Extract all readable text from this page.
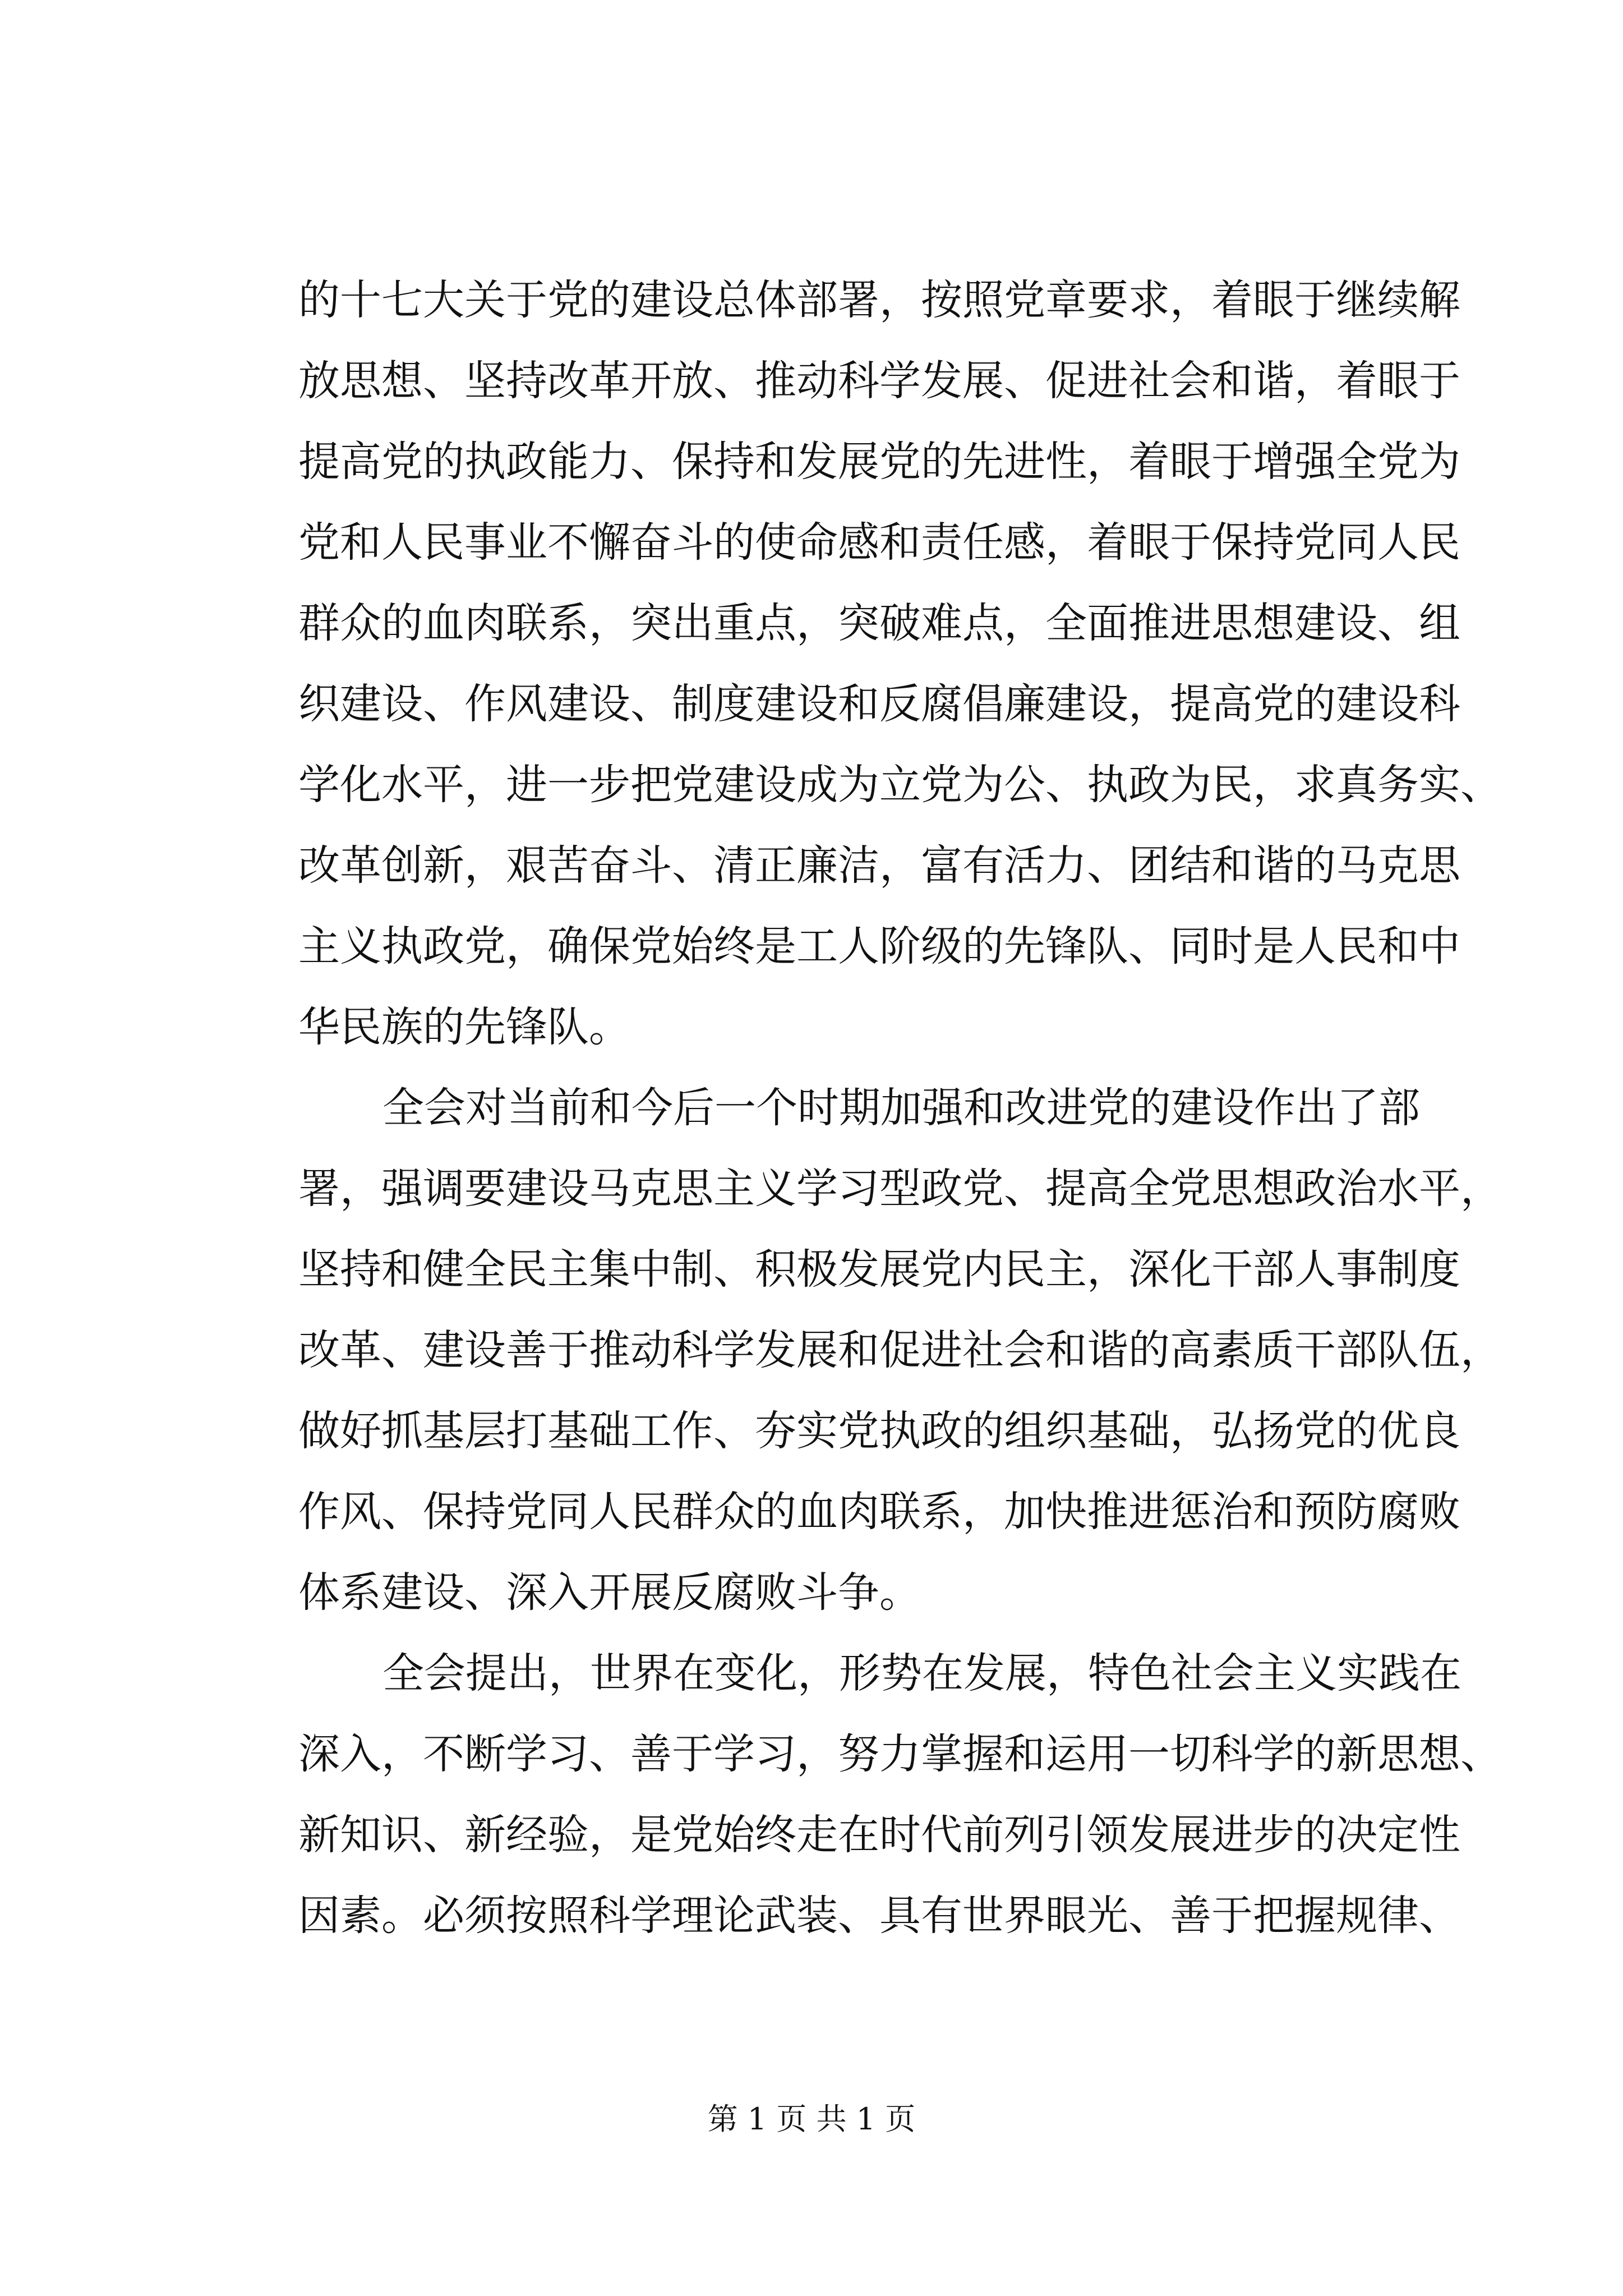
的十七大关于党的建设总体部署，按照党章要求，着眼于继续解
放思想、坚持改革开放、推动科学发展、促进社会和谐，着眼于
提高党的执政能力、保持和发展党的先进性，着眼于增强全党为
党和人民事业不懈奋斗的使命感和责任感，着眼于保持党同人民
群众的血肉联系，突出重点，突破难点，全面推进思想建设、组
织建设、作风建设、制度建设和反腐倡廉建设，提高党的建设科
学化水平，进一步把党建设成为立党为公、执政为民，求真务实、
改革创新，艰苦奋斗、清正廉洁，富有活力、团结和谐的马克思
主义执政党，确保党始终是工人阶级的先锋队、同时是人民和中
华民族的先锋队。
全会对当前和今后一个时期加强和改进党的建设作出了部
署，强调要建设马克思主义学习型政党、提高全党思想政治水平，
坚持和健全民主集中制、积极发展党内民主，深化干部人事制度
改革、建设善于推动科学发展和促进社会和谐的高素质干部队伍，
做好抓基层打基础工作、夯实党执政的组织基础，弘扬党的优良
作风、保持党同人民群众的血肉联系，加快推进惩治和预防腐败
体系建设、深入开展反腐败斗争。
全会提出，世界在变化，形势在发展，特色社会主义实践在
深入，不断学习、善于学习，努力掌握和运用一切科学的新思想、
新知识、新经验，是党始终走在时代前列引领发展进步的决定性
因素。必须按照科学理论武装、具有世界眼光、善于把握规律、
第 1 页 共 1 页
